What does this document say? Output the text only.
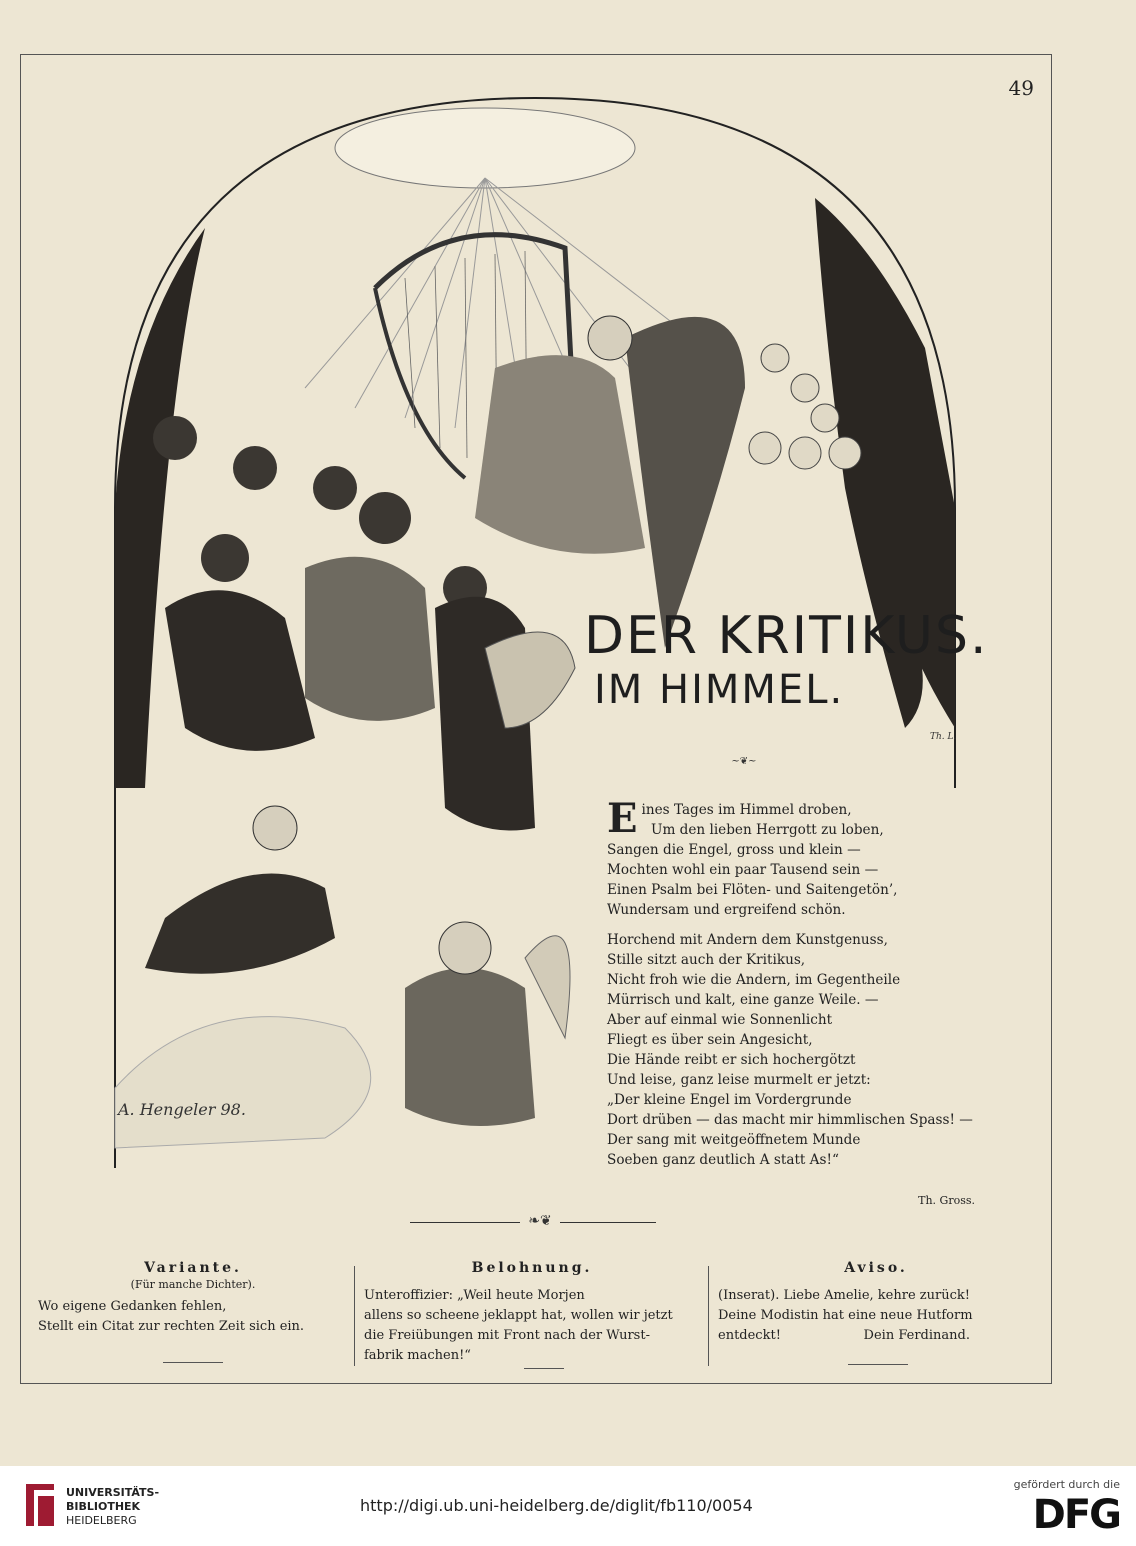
49
DER KRITIKUS.
IM HIMMEL.
~❦~
A. Hengeler 98.
Th. L.
Eines Tages im Himmel droben,
Um den lieben Herrgott zu loben,
Sangen die Engel, gross und klein —
Mochten wohl ein paar Tausend sein —
Einen Psalm bei Flöten- und Saitengetön’,
Wundersam und ergreifend schön.
Horchend mit Andern dem Kunstgenuss,
Stille sitzt auch der Kritikus,
Nicht froh wie die Andern, im Gegentheile
Mürrisch und kalt, eine ganze Weile. —
Aber auf einmal wie Sonnenlicht
Fliegt es über sein Angesicht,
Die Hände reibt er sich hochergötzt
Und leise, ganz leise murmelt er jetzt:
„Der kleine Engel im Vordergrunde
Dort drüben — das macht mir himmlischen Spass! —
Der sang mit weitgeöffnetem Munde
Soeben ganz deutlich A statt As!“
Th. Gross.
❧❦
Variante.
(Für manche Dichter).

Wo eigene Gedanken fehlen,
Stellt ein Citat zur rechten Zeit sich ein.

Belohnung.

Unteroffizier: „Weil heute Morjen
allens so scheene jeklappt hat, wollen wir jetzt
die Freiübungen mit Front nach der Wurst-
fabrik machen!“

Aviso.

(Inserat). Liebe Amelie, kehre zurück!
Deine Modistin hat eine neue Hutform
entdeckt!                    Dein Ferdinand.

UNIVERSITÄTS-
BIBLIOTHEK
HEIDELBERG
http://digi.ub.uni-heidelberg.de/diglit/fb110/0054
gefördert durch die
DFG
